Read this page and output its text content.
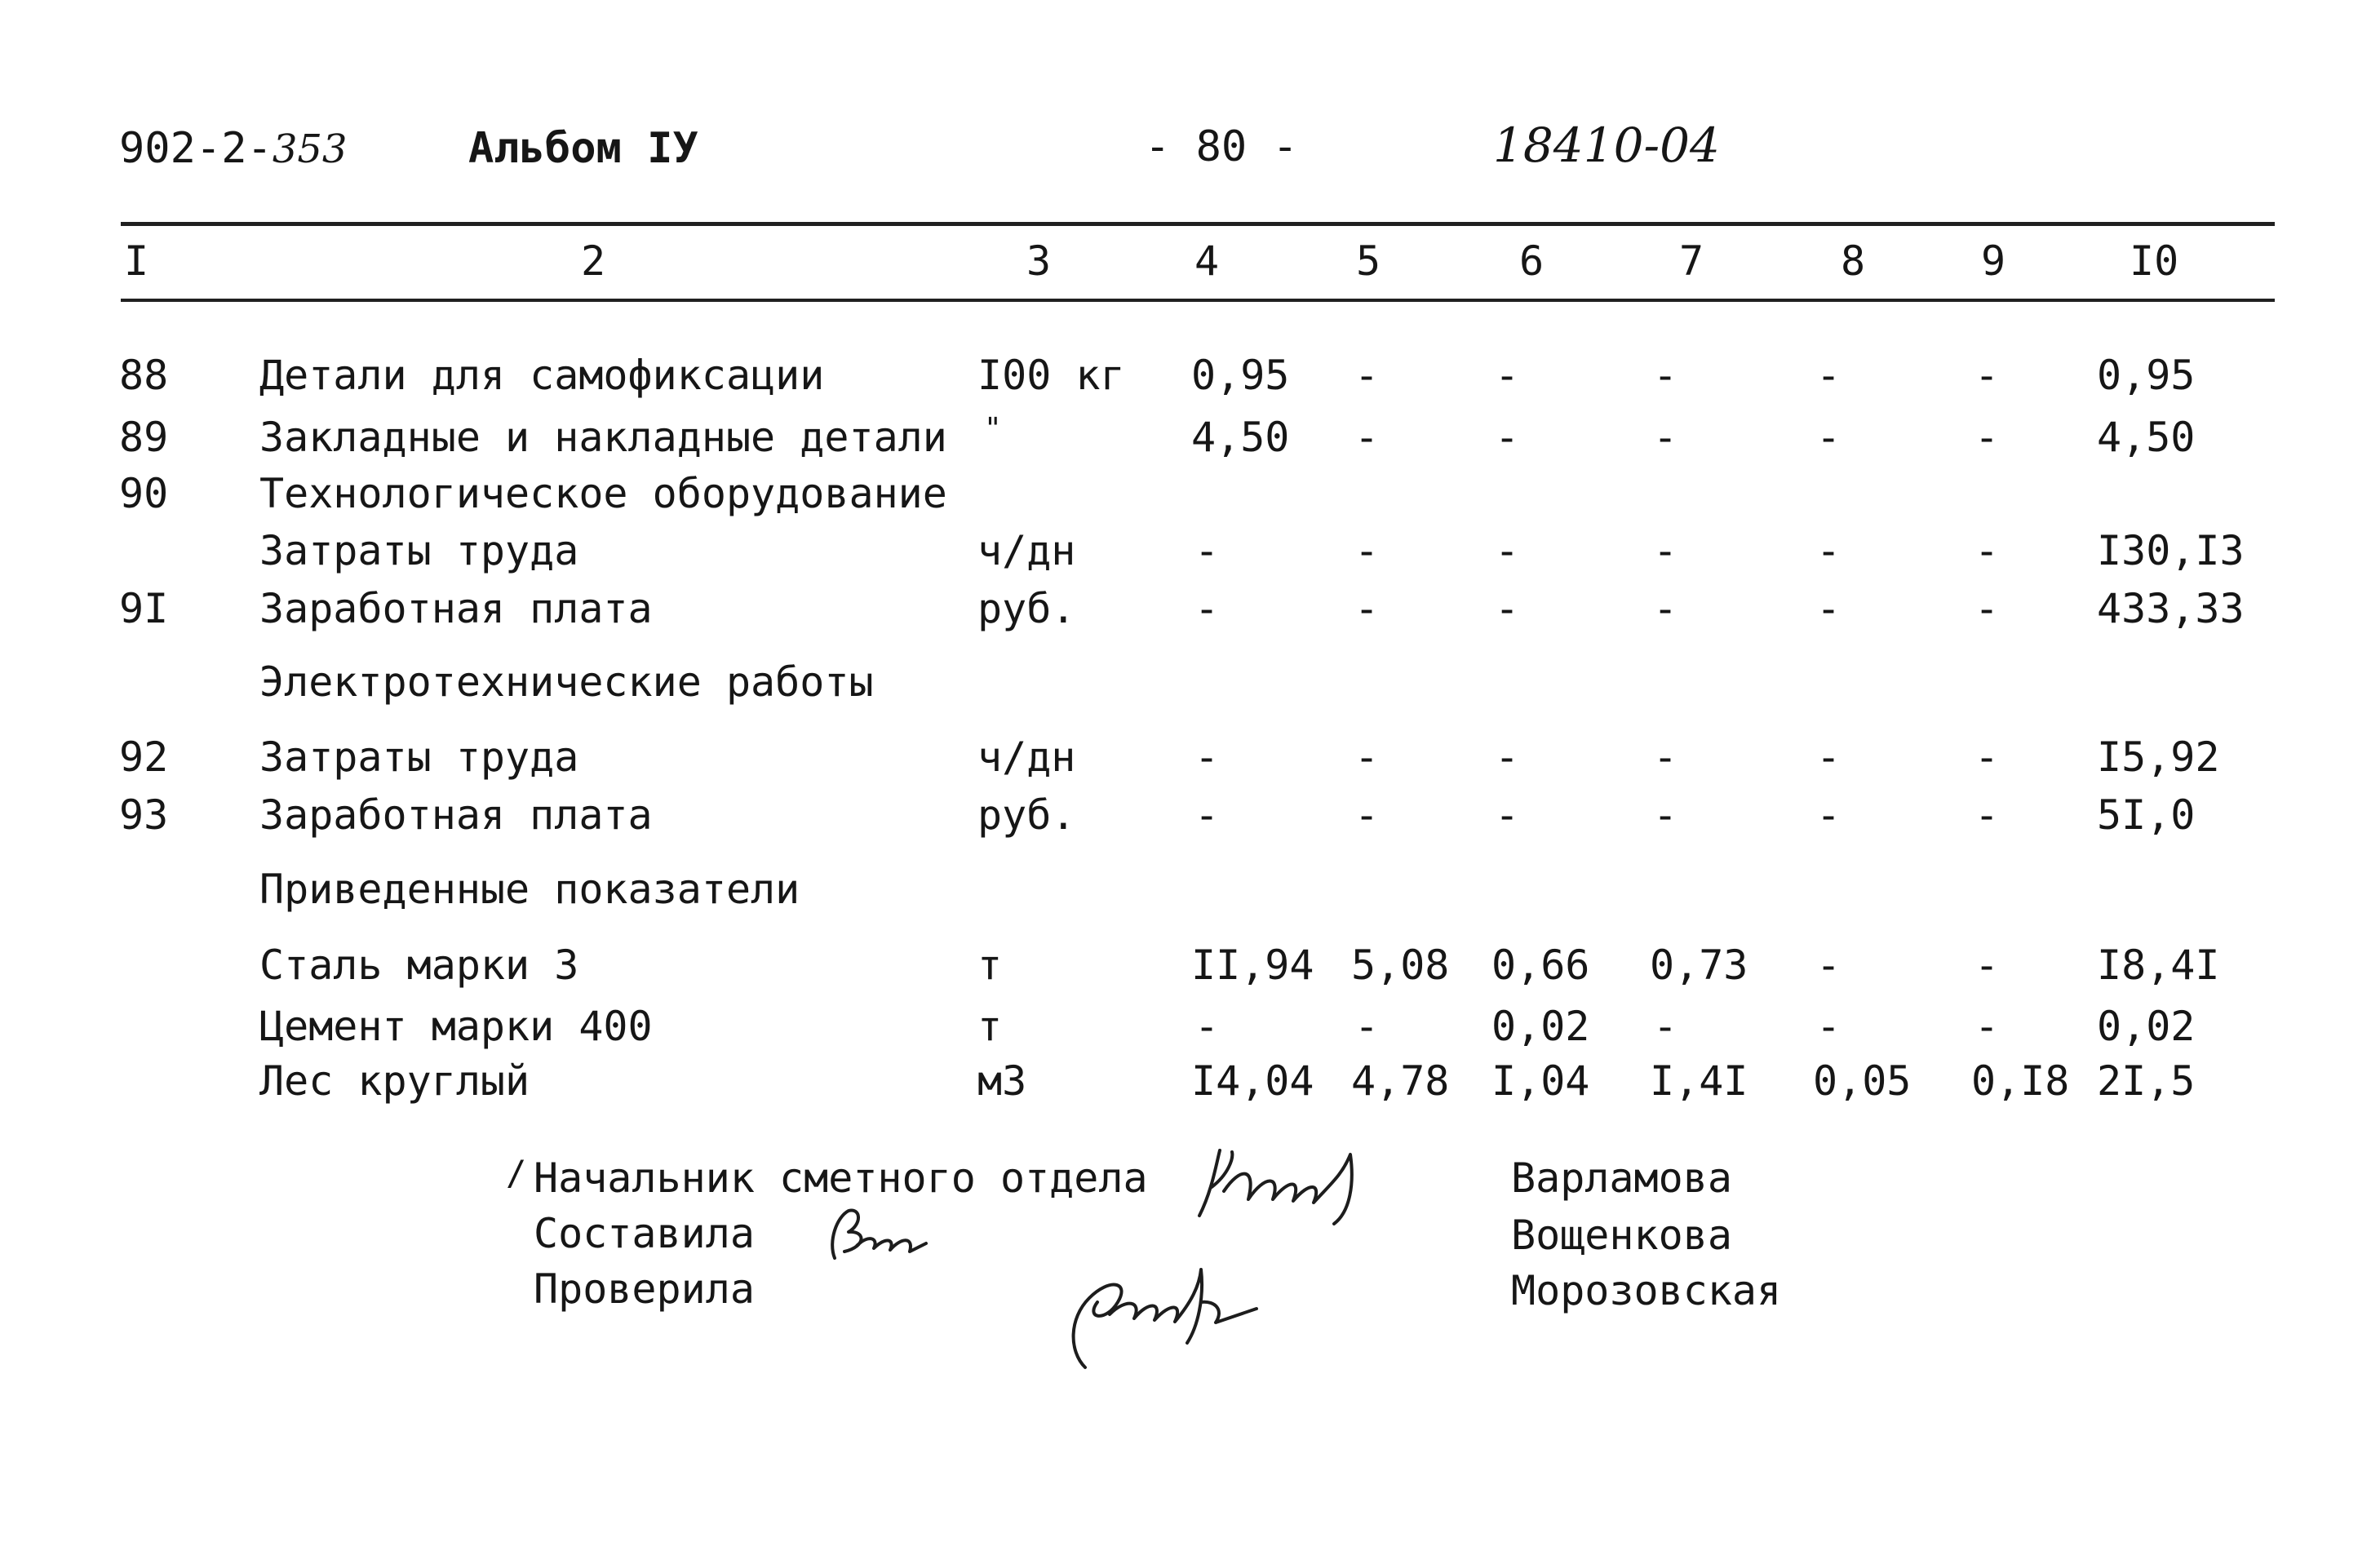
902-2-353	Альбом IУ	- 80 -	18410-04
I	2	3	4	5	6	7	8	9	I0
88 Детали для самофиксации	I00 кг 0,95 -	-	-	-	- 0,95
89 Закладные и накладные детали "	4,50 -	-	-	-	- 4,50
90 Технологическое оборудование
Затраты труда	ч/дн	-	-	-	-	-	- I30,I3
9I Заработная плата	руб.	-	-	-	-	-	- 433,33
Электротехнические работы
92 Затраты труда	ч/дн	-	-	-	-	-	- I5,92
93 Заработная плата	руб.	-	-	-	-	-	- 5I,0
Приведенные показатели
Сталь марки 3	т	II,94 5,08 0,66 0,73 -	- I8,4I
Цемент марки 400	т	-	-	0,02 -	-	- 0,02
Лес круглый	м3	I4,04 4,78 I,04 I,4I 0,05 0,I8 2I,5
/ Начальник сметного отдела	Варламова
Составила	Вощенкова
Проверила	Морозовская
